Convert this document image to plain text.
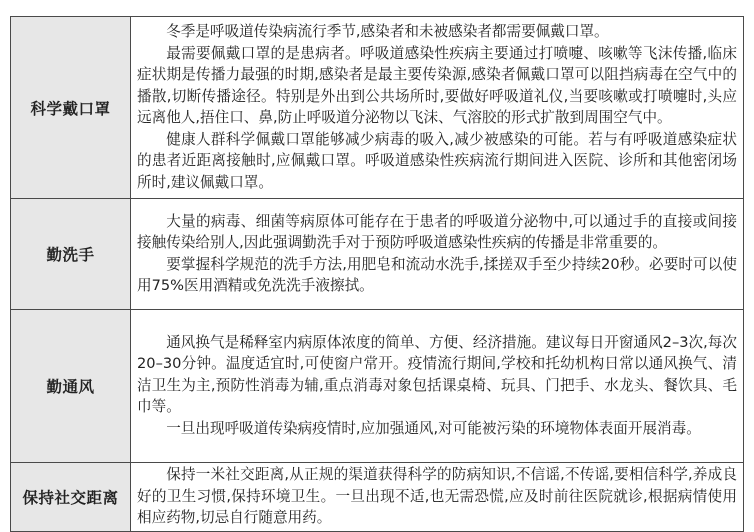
科学戴口罩	冬季是呼吸道传染病流行季节,感染者和未被感染者都需要佩戴口罩。

最需要佩戴口罩的是患病者。呼吸道感染性疾病主要通过打喷嚏、咳嗽等飞沫传播,临床症状期是传播力最强的时期,感染者是最主要传染源,感染者佩戴口罩可以阻挡病毒在空气中的播散,切断传播途径。特别是外出到公共场所时,要做好呼吸道礼仪,当要咳嗽或打喷嚏时,头应远离他人,捂住口、鼻,防止呼吸道分泌物以飞沫、气溶胶的形式扩散到周围空气中。

健康人群科学佩戴口罩能够减少病毒的吸入,减少被感染的可能。若与有呼吸道感染症状的患者近距离接触时,应佩戴口罩。呼吸道感染性疾病流行期间进入医院、诊所和其他密闭场所时,建议佩戴口罩。

勤洗手	大量的病毒、细菌等病原体可能存在于患者的呼吸道分泌物中,可以通过手的直接或间接接触传染给别人,因此强调勤洗手对于预防呼吸道感染性疾病的传播是非常重要的。

要掌握科学规范的洗手方法,用肥皂和流动水洗手,揉搓双手至少持续20秒。必要时可以使用75%医用酒精或免洗洗手液擦拭。

勤通风	通风换气是稀释室内病原体浓度的简单、方便、经济措施。建议每日开窗通风2–3次,每次20–30分钟。温度适宜时,可使窗户常开。疫情流行期间,学校和托幼机构日常以通风换气、清洁卫生为主,预防性消毒为辅,重点消毒对象包括课桌椅、玩具、门把手、水龙头、餐饮具、毛巾等。

一旦出现呼吸道传染病疫情时,应加强通风,对可能被污染的环境物体表面开展消毒。

保持社交距离	保持一米社交距离,从正规的渠道获得科学的防病知识,不信谣,不传谣,要相信科学,养成良好的卫生习惯,保持环境卫生。一旦出现不适,也无需恐慌,应及时前往医院就诊,根据病情使用相应药物,切忌自行随意用药。
